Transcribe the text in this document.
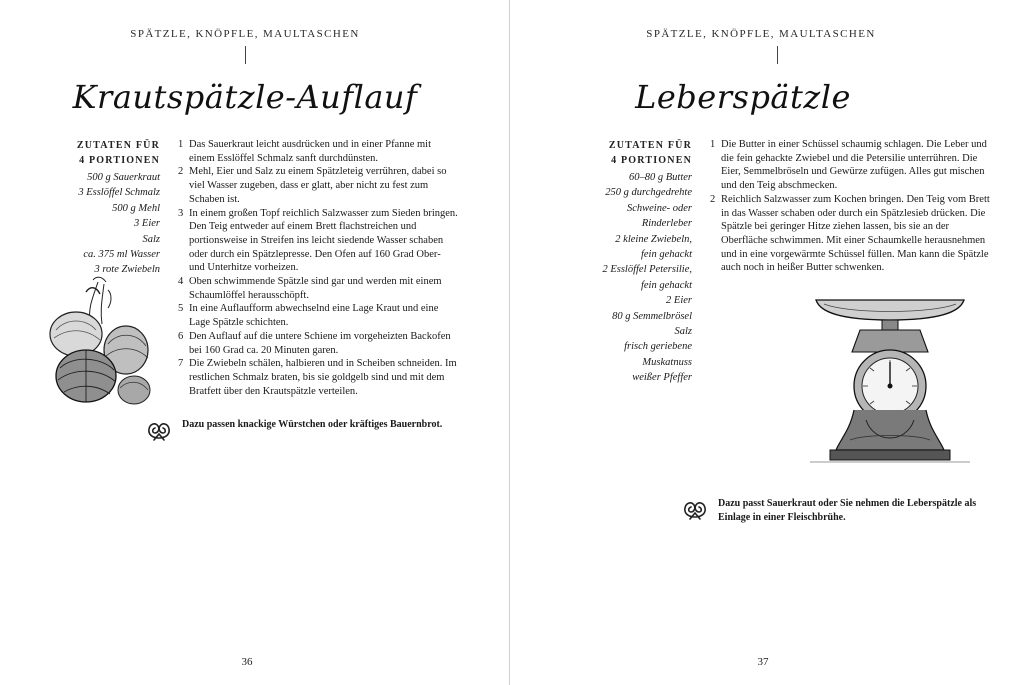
SPÄTZLE, KNÖPFLE, MAULTASCHEN
Krautspätzle-Auflauf
ZUTATEN FÜR
4 PORTIONEN
500 g Sauerkraut
3 Esslöffel Schmalz
500 g Mehl
3 Eier
Salz
ca. 375 ml Wasser
3 rote Zwiebeln
1 Das Sauerkraut leicht ausdrücken und in einer Pfanne mit einem Esslöffel Schmalz sanft durchdünsten.
2 Mehl, Eier und Salz zu einem Spätzleteig verrühren, dabei so viel Wasser zugeben, dass er glatt, aber nicht zu fest zum Schaben ist.
3 In einem großen Topf reichlich Salzwasser zum Sieden bringen. Den Teig entweder auf einem Brett flachstreichen und portionsweise in Streifen ins leicht siedende Wasser schaben oder durch ein Spätzlepresse. Den Ofen auf 160 Grad Ober- und Unterhitze vorheizen.
4 Oben schwimmende Spätzle sind gar und werden mit einem Schaumlöffel herausschöpft.
5 In eine Auflaufform abwechselnd eine Lage Kraut und eine Lage Spätzle schichten.
6 Den Auflauf auf die untere Schiene im vorgeheizten Backofen bei 160 Grad ca. 20 Minuten garen.
7 Die Zwiebeln schälen, halbieren und in Scheiben schneiden. Im restlichen Schmalz braten, bis sie goldgelb sind und mit dem Bratfett über den Krautspätzle verteilen.
Dazu passen knackige Würstchen oder kräftiges Bauernbrot.
36
SPÄTZLE, KNÖPFLE, MAULTASCHEN
Leberspätzle
ZUTATEN FÜR
4 PORTIONEN
60–80 g Butter
250 g durchgedrehte
Schweine- oder
Rinderleber
2 kleine Zwiebeln,
fein gehackt
2 Esslöffel Petersilie,
fein gehackt
2 Eier
80 g Semmelbrösel
Salz
frisch geriebene
Muskatnuss
weißer Pfeffer
1 Die Butter in einer Schüssel schaumig schlagen. Die Leber und die fein gehackte Zwiebel und die Petersilie unterrühren. Die Eier, Semmelbröseln und Gewürze zufügen. Alles gut mischen und den Teig abschmecken.
2 Reichlich Salzwasser zum Kochen bringen. Den Teig vom Brett in das Wasser schaben oder durch ein Spätzlesieb drücken. Die Spätzle bei geringer Hitze ziehen lassen, bis sie an der Oberfläche schwimmen. Mit einer Schaumkelle herausnehmen und in eine vorgewärmte Schüssel füllen. Man kann die Spätzle auch noch in heißer Butter schwenken.
Dazu passt Sauerkraut oder Sie nehmen die Leberspätzle als Einlage in einer Fleischbrühe.
37
